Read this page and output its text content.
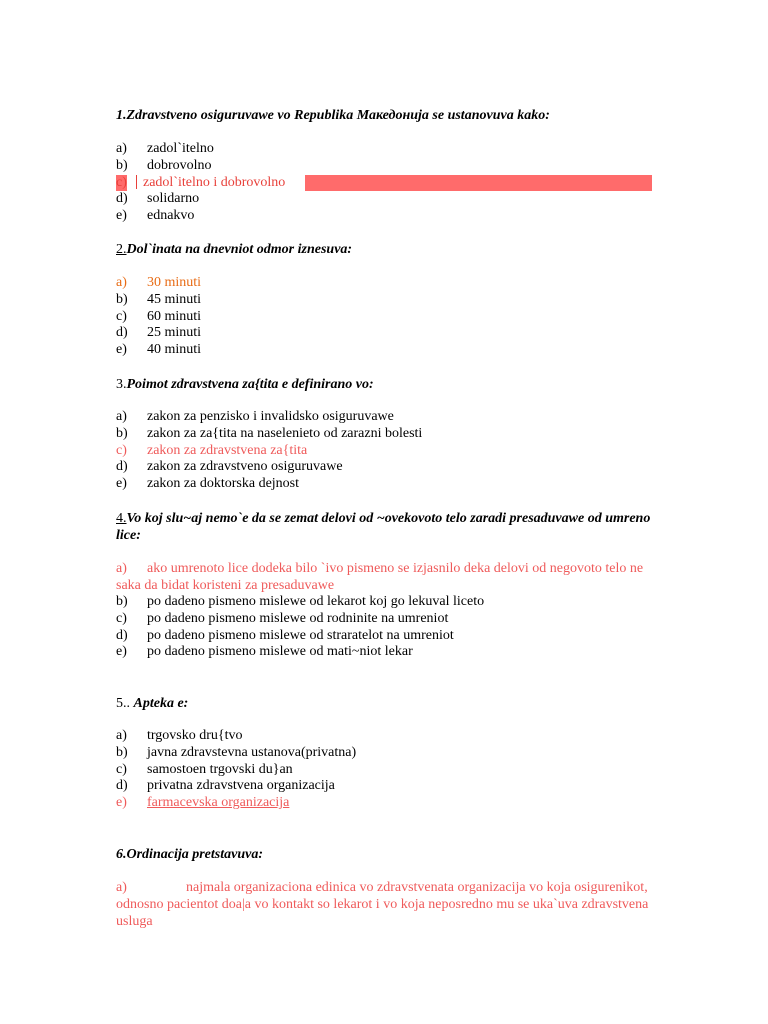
1.Zdravstveno osiguruvawe vo Republika Македонија se ustanovuva kako:
a) zadol`itelno
b) dobrovolno
c) zadol`itelno i dobrovolno
d) solidarno
e) ednakvo
2.Dol`inata na dnevniot odmor iznesuva:
a) 30 minuti
b) 45 minuti
c) 60 minuti
d) 25 minuti
e) 40 minuti
3.Poimot zdravstvena za{tita e definirano vo:
a) zakon za penzisko i invalidsko osiguruvawe
b) zakon za za{tita na naselenieto od zarazni bolesti
c) zakon za zdravstvena za{tita
d) zakon za zdravstveno osiguruvawe
e) zakon za doktorska dejnost
4.Vo koj slu~aj nemo`e da se zemat delovi od ~ovekovoto telo zaradi presaduvawe od umreno lice:
a) ako umrenoto lice dodeka bilo `ivo pismeno se izjasnilo deka delovi od negovoto telo ne saka da bidat koristeni za presaduvawe
b) po dadeno pismeno mislewe od lekarot koj go lekuval liceto
c) po dadeno pismeno mislewe od rodninite na umreniot
d) po dadeno pismeno mislewe od straratelot na umreniot
e) po dadeno pismeno mislewe od mati~niot lekar
5.. Apteka e:
a) trgovsko dru{tvo
b) javna zdravstevna ustanova(privatna)
c) samostoen trgovski du}an
d) privatna zdravstvena organizacija
e) farmacevska organizacija
6.Ordinacija pretstavuva:
a)	najmala organizaciona edinica vo zdravstvenata organizacija vo koja osigurenikot, odnosno pacientot doa|a vo kontakt so lekarot i vo koja neposredno mu se uka`uva zdravstvena usluga
